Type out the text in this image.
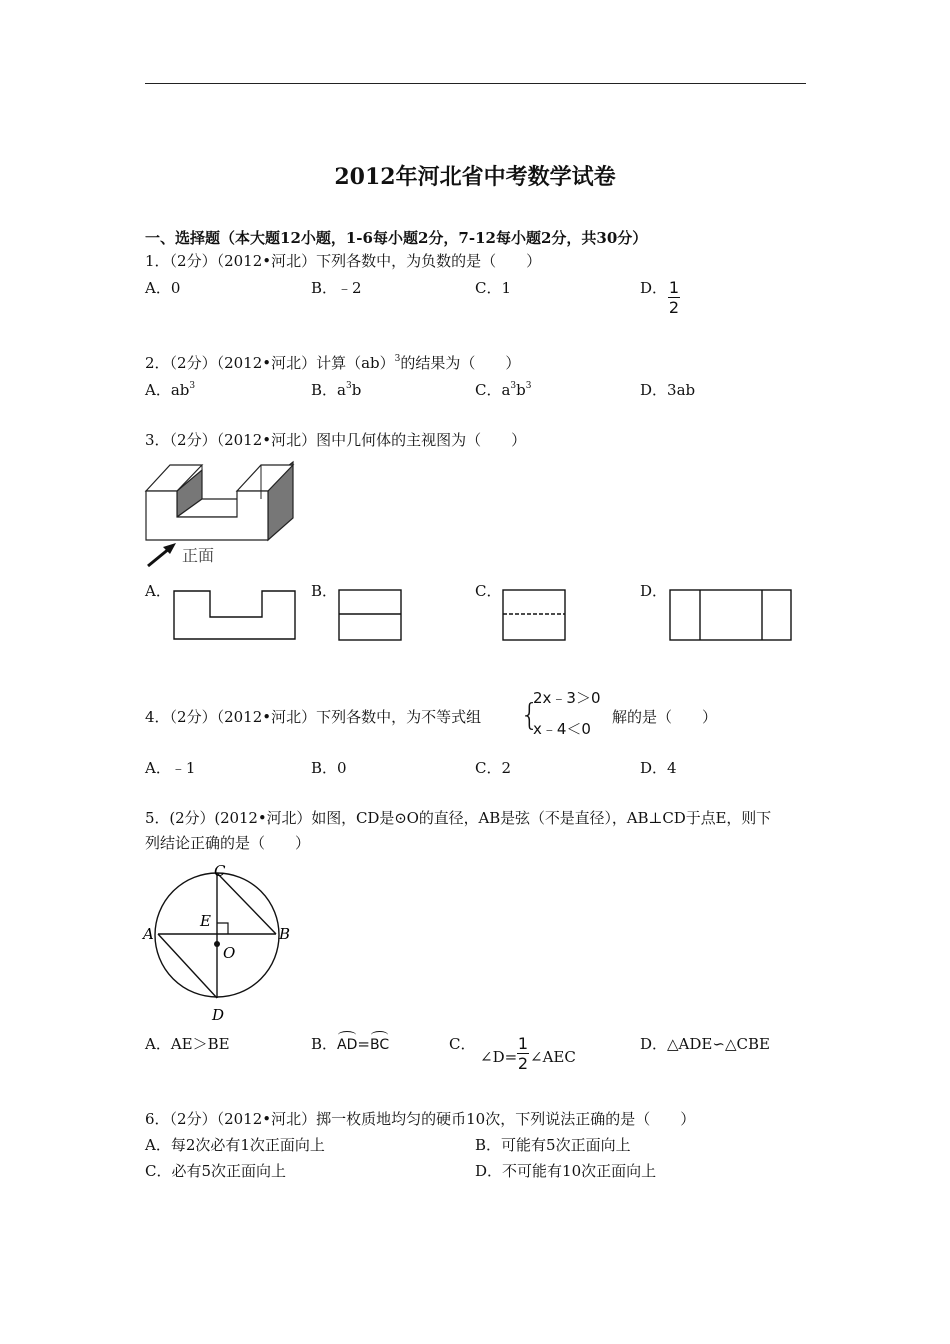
2012年河北省中考数学试卷
一、选择题（本大题12小题，1-6每小题2分，7-12每小题2分，共30分）
1．（2分）（2012•河北）下列各数中，为负数的是（　　）
A．0	B．﹣2	C．1	D． 1
2
2．（2分）（2012•河北）计算（ab）$^3$的结果为（　　）
A．$ab^3$	B．$a^3b$	C．$a^3b^3$	D．3ab
3．（2分）（2012•河北）图中几何体的主视图为（　　）
正面
A．	B．	C．	D．
4．（2分）（2012•河北）下列各数中，为不等式组 {
2x﹣3＞0
x﹣4＜0
解的是（　　）
A．﹣1	B．0	C．2	D．4
5．(2分）(2012•河北）如图，CD是⊙O的直径，AB是弦（不是直径），AB⊥CD于点E，则下
列结论正确的是（　　）
C
E
A	B
O
D
A．AE＞BE	B．AD=BC	C．
∠D=
1
2 ∠AEC
D．△ADE∽△CBE
6．（2分）（2012•河北）掷一枚质地均匀的硬币10次，下列说法正确的是（　　）
A．每2次必有1次正面向上	B．可能有5次正面向上
C．必有5次正面向上	D．不可能有10次正面向上
